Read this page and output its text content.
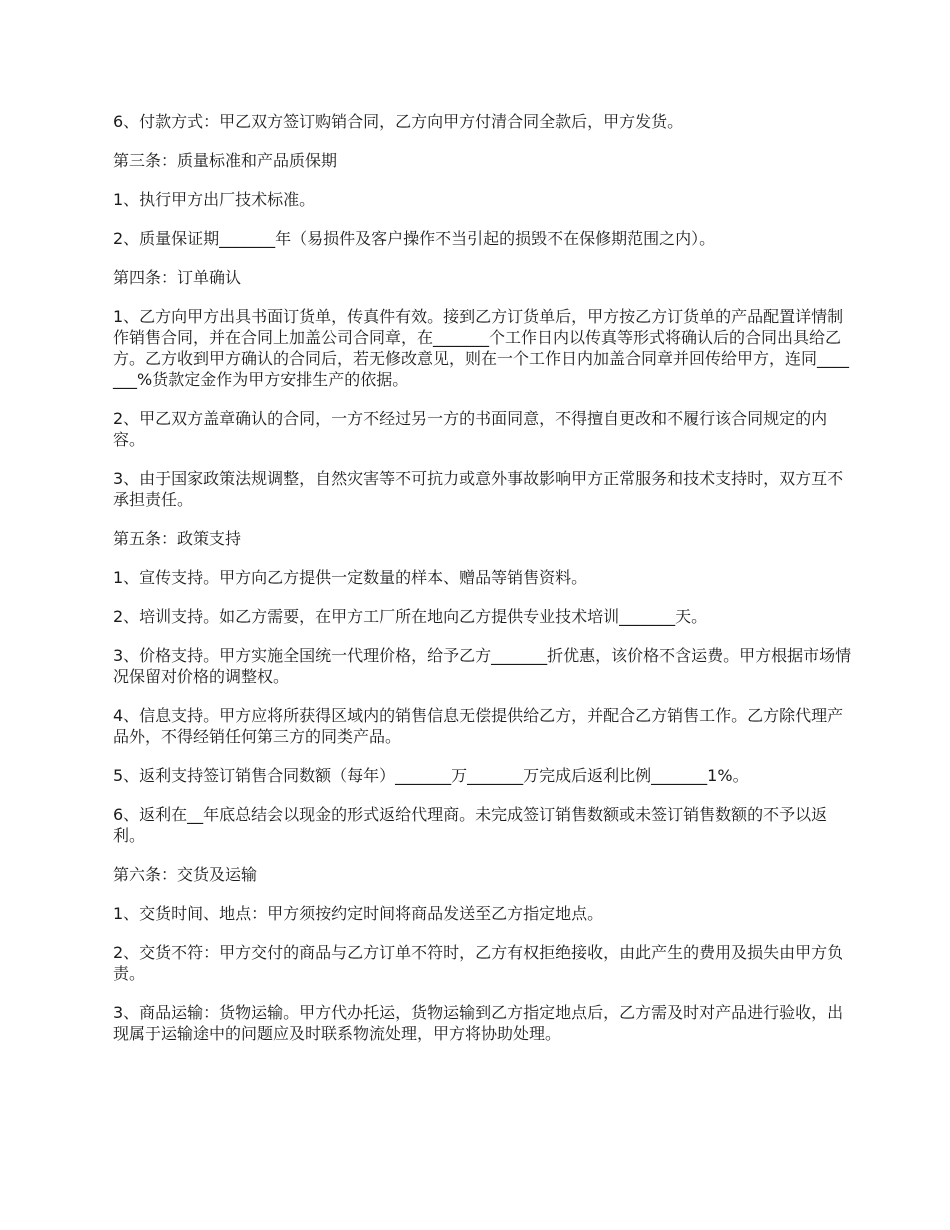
6、付款方式：甲乙双方签订购销合同，乙方向甲方付清合同全款后，甲方发货。

第三条：质量标准和产品质保期

1、执行甲方出厂技术标准。

2、质量保证期_______年（易损件及客户操作不当引起的损毁不在保修期范围之内）。

第四条：订单确认

1、乙方向甲方出具书面订货单，传真件有效。接到乙方订货单后，甲方按乙方订货单的产品配置详情制作销售合同，并在合同上加盖公司合同章，在_______个工作日内以传真等形式将确认后的合同出具给乙方。乙方收到甲方确认的合同后，若无修改意见，则在一个工作日内加盖合同章并回传给甲方，连同_______%货款定金作为甲方安排生产的依据。

2、甲乙双方盖章确认的合同，一方不经过另一方的书面同意，不得擅自更改和不履行该合同规定的内容。

3、由于国家政策法规调整，自然灾害等不可抗力或意外事故影响甲方正常服务和技术支持时，双方互不承担责任。

第五条：政策支持

1、宣传支持。甲方向乙方提供一定数量的样本、赠品等销售资料。

2、培训支持。如乙方需要，在甲方工厂所在地向乙方提供专业技术培训_______天。

3、价格支持。甲方实施全国统一代理价格，给予乙方_______折优惠，该价格不含运费。甲方根据市场情况保留对价格的调整权。

4、信息支持。甲方应将所获得区域内的销售信息无偿提供给乙方，并配合乙方销售工作。乙方除代理产品外，不得经销任何第三方的同类产品。

5、返利支持签订销售合同数额（每年）_______万_______万完成后返利比例_______1%。

6、返利在__年底总结会以现金的形式返给代理商。未完成签订销售数额或未签订销售数额的不予以返利。

第六条：交货及运输

1、交货时间、地点：甲方须按约定时间将商品发送至乙方指定地点。

2、交货不符：甲方交付的商品与乙方订单不符时，乙方有权拒绝接收，由此产生的费用及损失由甲方负责。

3、商品运输：货物运输。甲方代办托运，货物运输到乙方指定地点后，乙方需及时对产品进行验收，出现属于运输途中的问题应及时联系物流处理，甲方将协助处理。
